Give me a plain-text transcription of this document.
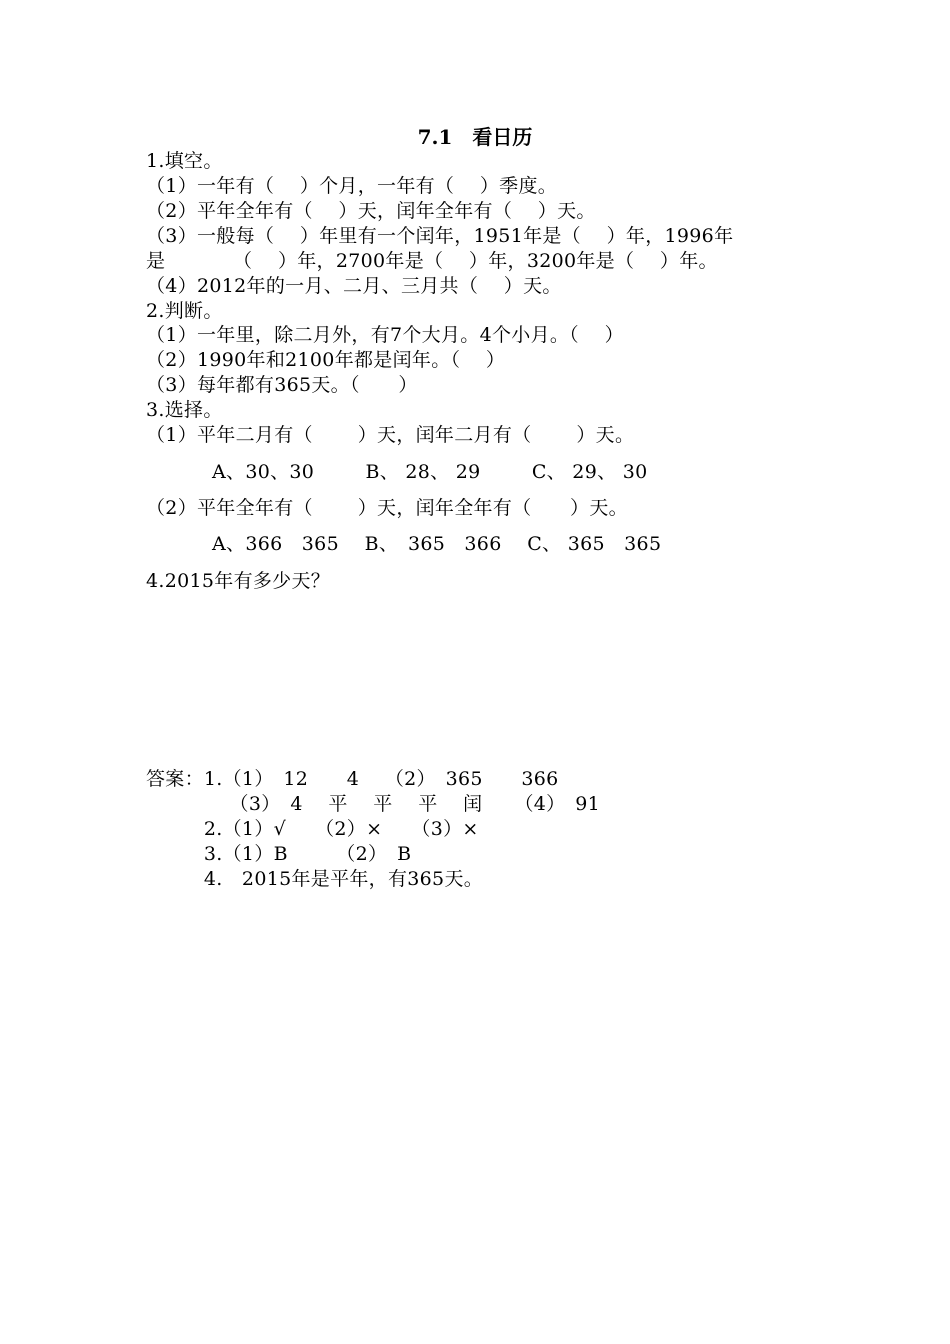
7.1　看日历
1.填空。
（1）一年有（　 ）个月，一年有（　 ）季度。
（2）平年全年有（　 ）天，闰年全年有（　 ）天。
（3）一般每（　 ）年里有一个闰年，1951年是（　 ）年，1996年
是　　　　（　 ）年，2700年是（　 ）年，3200年是（　 ）年。
（4）2012年的一月、二月、三月共（　 ）天。
2.判断。
（1）一年里，除二月外，有7个大月。4个小月。（　 ）
（2）1990年和2100年都是闰年。（　 ）
（3）每年都有365天。（　　）
3.选择。
（1）平年二月有（　　 ）天，闰年二月有（　　 ）天。
A、30、30　　  B、 28、 29　　  C、 29、 30
（2）平年全年有（　　 ）天，闰年全年有（　　）天。
A、366　365　 B、　365　366　 C、 365　365
4.2015年有多少天？
答案：1.（1）　12　　4　 （2）　365　　366
　　　　 （3）　4　 平　 平　 平　 闰　  （4）　91
　　　2.（1）√　　（2）×　　（3）×
　　　3.（1）B　　　（2）　B
　　　4.　2015年是平年，有365天。
